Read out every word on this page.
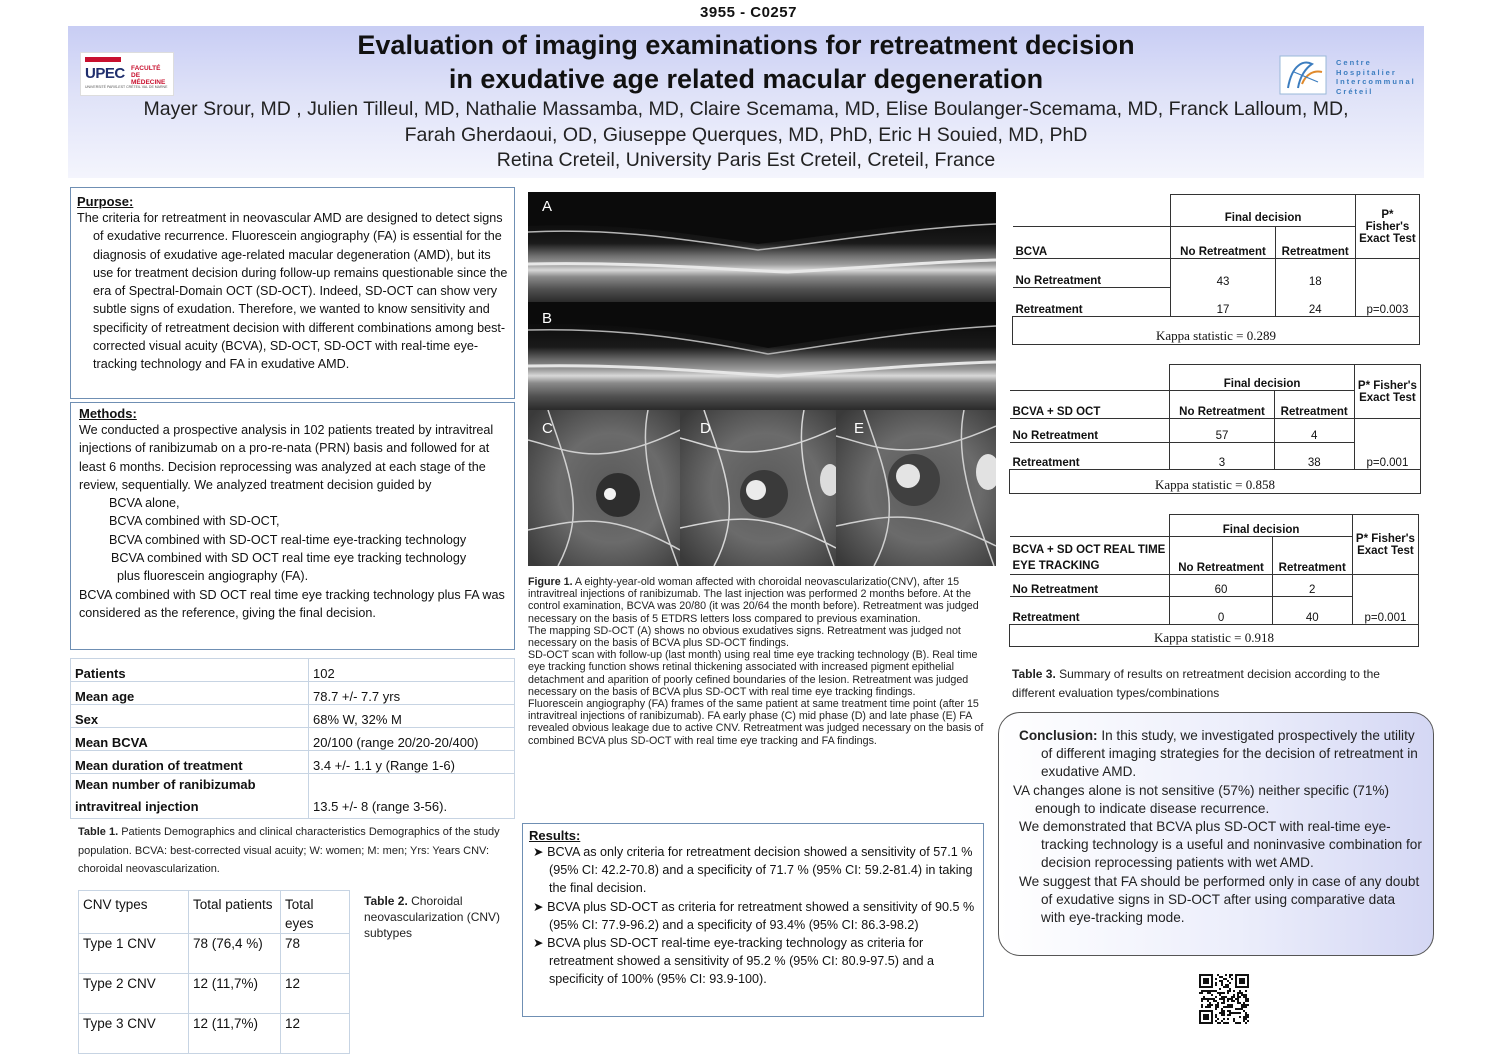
3955 - C0257
Evaluation of imaging examinations for retreatment decision
in exudative age related macular degeneration
Mayer Srour, MD , Julien Tilleul, MD, Nathalie Massamba, MD, Claire Scemama, MD, Elise Boulanger-Scemama, MD, Franck Lalloum, MD,
Farah Gherdaoui, OD, Giuseppe Querques, MD, PhD, Eric H Souied, MD, PhD
Retina Creteil, University Paris Est Creteil, Creteil, France
UPEC FACULTÉ
DE MÉDECINE
UNIVERSITÉ PARIS-EST CRÉTEIL VAL DE MARNE
Centre
Hospitalier
Intercommunal
Créteil
Purpose:
The criteria for retreatment in neovascular AMD are designed to detect signs of exudative recurrence. Fluorescein angiography (FA) is essential for the diagnosis of exudative age-related macular degeneration (AMD), but its use for treatment decision during follow-up remains questionable since the era of Spectral-Domain OCT (SD-OCT). Indeed, SD-OCT can show very subtle signs of exudation. Therefore, we wanted to know sensitivity and specificity of retreatment decision with different combinations among best-corrected visual acuity (BCVA), SD-OCT, SD-OCT with real-time eye-tracking technology and FA in exudative AMD.
Methods:
We conducted a prospective analysis in 102 patients treated by intravitreal injections of ranibizumab on a pro-re-nata (PRN) basis and followed for at least 6 months. Decision reprocessing was analyzed at each stage of the review, sequentially. We analyzed treatment decision guided by
BCVA alone,
BCVA combined with SD-OCT,
BCVA combined with SD-OCT real-time eye-tracking technology
BCVA combined with SD OCT real time eye tracking technology
plus fluorescein angiography (FA).
BCVA combined with SD OCT real time eye tracking technology plus FA was considered as the reference, giving the final decision.
Patients	102
Mean age	78.7 +/- 7.7 yrs
Sex	68% W, 32% M
Mean BCVA	20/100 (range 20/20-20/400)
Mean duration of treatment	3.4 +/- 1.1 y (Range 1-6)

Mean number of ranibizumab
intravitreal injection	13.5 +/- 8 (range 3-56).
Table 1. Patients Demographics and clinical characteristics Demographics of the study population. BCVA: best-corrected visual acuity; W: women; M: men; Yrs: Years CNV: choroidal neovascularization.
CNV types	Total patients	Total eyes
Type 1 CNV	78 (76,4 %)	78
Type 2 CNV	12 (11,7%)	12
Type 3 CNV	12 (11,7%)	12
Table 2. Choroidal neovascularization (CNV) subtypes
A
B
C	D	E
Figure 1. A eighty-year-old woman affected with choroidal neovascularizatio(CNV), after 15 intravitreal injections of ranibizumab. The last injection was performed 2 months before. At the control examination, BCVA was 20/80 (it was 20/64 the month before). Retreatment was judged necessary on the basis of 5 ETDRS letters loss compared to previous examination.
The mapping SD-OCT (A) shows no obvious exudatives signs. Retreatment was judged not necessary on the basis of BCVA plus SD-OCT findings.
SD-OCT scan with follow-up (last month) using real time eye tracking technology (B). Real time eye tracking function shows retinal thickening associated with increased pigment epithelial detachment and aparition of poorly cefined boundaries of the lesion. Retreatment was judged necessary on the basis of BCVA plus SD-OCT with real time eye tracking findings.
Fluorescein angiography (FA) frames of the same patient at same treatment time point (after 15 intravitreal injections of ranibizumab). FA early phase (C) mid phase (D) and late phase (E) FA revealed obvious leakage due to active CNV. Retreatment was judged necessary on the basis of combined BCVA plus SD-OCT with real time eye tracking and FA findings.
Results:
➤ BCVA as only criteria for retreatment decision showed a sensitivity of 57.1 % (95% CI: 42.2-70.8) and a specificity of 71.7 % (95% CI: 59.2-81.4) in taking the final decision.
➤ BCVA plus SD-OCT as criteria for retreatment showed a sensitivity of 90.5 % (95% CI: 77.9-96.2) and a specificity of 93.4% (95% CI: 86.3-98.2)
➤ BCVA plus SD-OCT real-time eye-tracking technology as criteria for retreatment showed a sensitivity of 95.2 % (95% CI: 80.9-97.5) and a specificity of 100% (95% CI: 93.9-100).
	Final decision		P* Fisher's
Exact Test

BCVA	No Retreatment	Retreatment	
No Retreatment	43	18	p=0.003
Retreatment	17	24	
Kappa statistic = 0.289			
	Final decision		P* Fisher's
Exact Test

BCVA + SD OCT	No Retreatment	Retreatment	
No Retreatment	57	4	p=0.001
Retreatment	3	38	
Kappa statistic = 0.858			
	Final decision		P* Fisher's
Exact Test

BCVA + SD OCT REAL TIME
EYE TRACKING	No Retreatment	Retreatment	
No Retreatment	60	2	p=0.001
Retreatment	0	40	
Kappa statistic = 0.918			
Table 3. Summary of results on retreatment decision according to the different evaluation types/combinations
Conclusion: In this study, we investigated prospectively the utility of different imaging strategies for the decision of retreatment in exudative AMD.
VA changes alone is not sensitive (57%) neither specific (71%) enough to indicate disease recurrence.
We demonstrated that BCVA plus SD-OCT with real-time eye-tracking technology is a useful and noninvasive combination for decision reprocessing patients with wet AMD.
We suggest that FA should be performed only in case of any doubt of exudative signs in SD-OCT after using comparative data with eye-tracking mode.
